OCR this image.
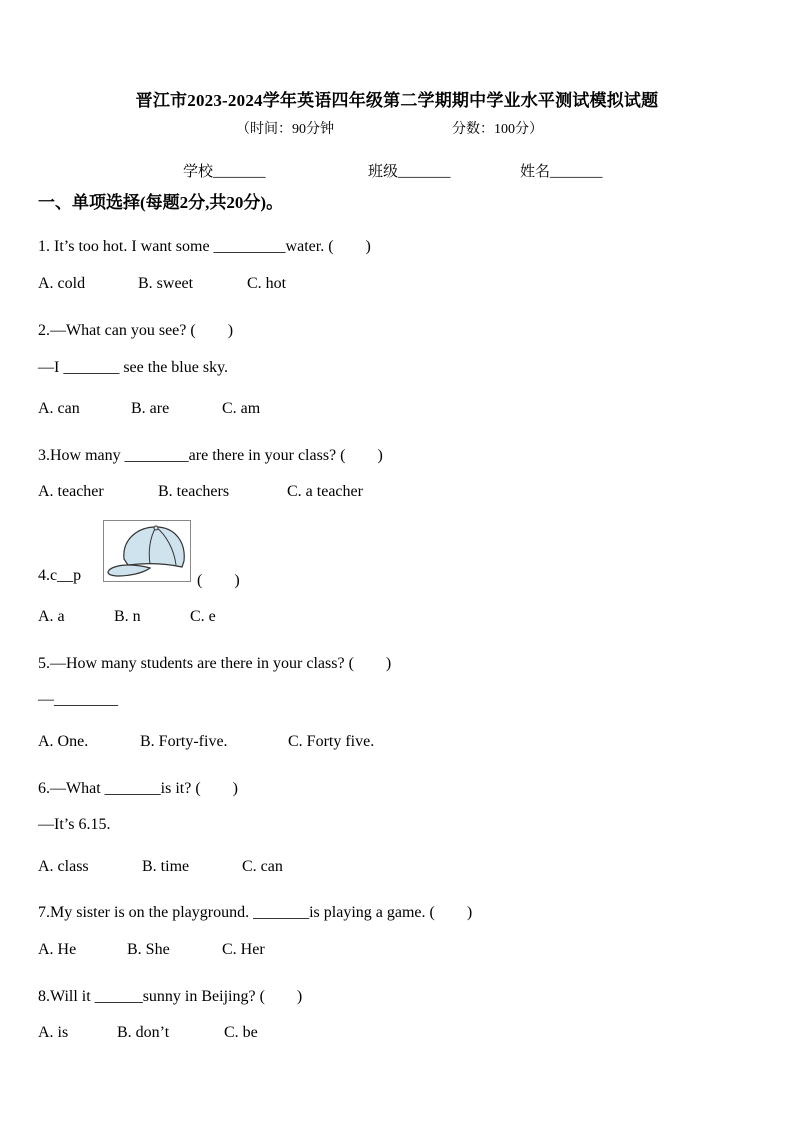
晋江市2023-2024学年英语四年级第二学期期中学业水平测试模拟试题
（时间：90分钟	分数：100分）
学校_______	班级_______	姓名_______
一、单项选择(每题2分,共20分)。
1. It’s too hot. I want some _________water. (　　)
A. cold	B. sweet	C. hot
2.—What can you see? (　　)
—I _______ see the blue sky.
A. can	B. are	C. am
3.How many ________are there in your class? (　　)
A. teacher	B. teachers	C. a teacher
4.c__p	(　　)
A. a	B. n	C. e
5.—How many students are there in your class? (　　)
—________
A. One.	B. Forty-five.	C. Forty five.
6.—What _______is it? (　　)
—It’s 6.15.
A. class	B. time	C. can
7.My sister is on the playground. _______is playing a game. (　　)
A. He	B. She	C. Her
8.Will it ______sunny in Beijing? (　　)
A. is	B. don’t	C. be
